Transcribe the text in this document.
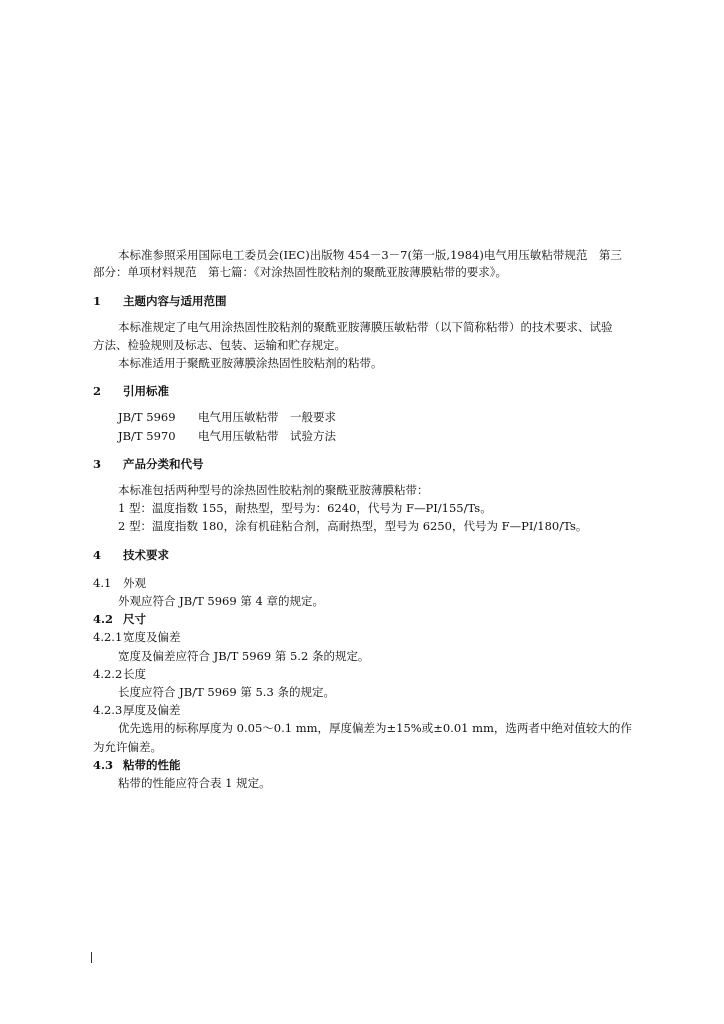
本标准参照采用国际电工委员会(IEC)出版物 454－3－7(第一版,1984)电气用压敏粘带规范　第三
部分：单项材料规范　第七篇：《对涂热固性胶粘剂的聚酰亚胺薄膜粘带的要求》。
1 主题内容与适用范围
本标准规定了电气用涂热固性胶粘剂的聚酰亚胺薄膜压敏粘带（以下简称粘带）的技术要求、试验
方法、检验规则及标志、包装、运输和贮存规定。
本标准适用于聚酰亚胺薄膜涂热固性胶粘剂的粘带。
2 引用标准
JB/T 5969 电气用压敏粘带　一般要求
JB/T 5970 电气用压敏粘带　试验方法
3 产品分类和代号
本标准包括两种型号的涂热固性胶粘剂的聚酰亚胺薄膜粘带：
1 型：温度指数 155，耐热型，型号为：6240，代号为 F—PI/155/Ts。
2 型：温度指数 180，涂有机硅粘合剂，高耐热型，型号为 6250，代号为 F—PI/180/Ts。
4 技术要求
4.1 外观
外观应符合 JB/T 5969 第 4 章的规定。
4.2 尺寸
4.2.1宽度及偏差
宽度及偏差应符合 JB/T 5969 第 5.2 条的规定。
4.2.2长度
长度应符合 JB/T 5969 第 5.3 条的规定。
4.2.3厚度及偏差
优先选用的标称厚度为 0.05～0.1 mm，厚度偏差为±15%或±0.01 mm，选两者中绝对值较大的作
为允许偏差。
4.3 粘带的性能
粘带的性能应符合表 1 规定。
